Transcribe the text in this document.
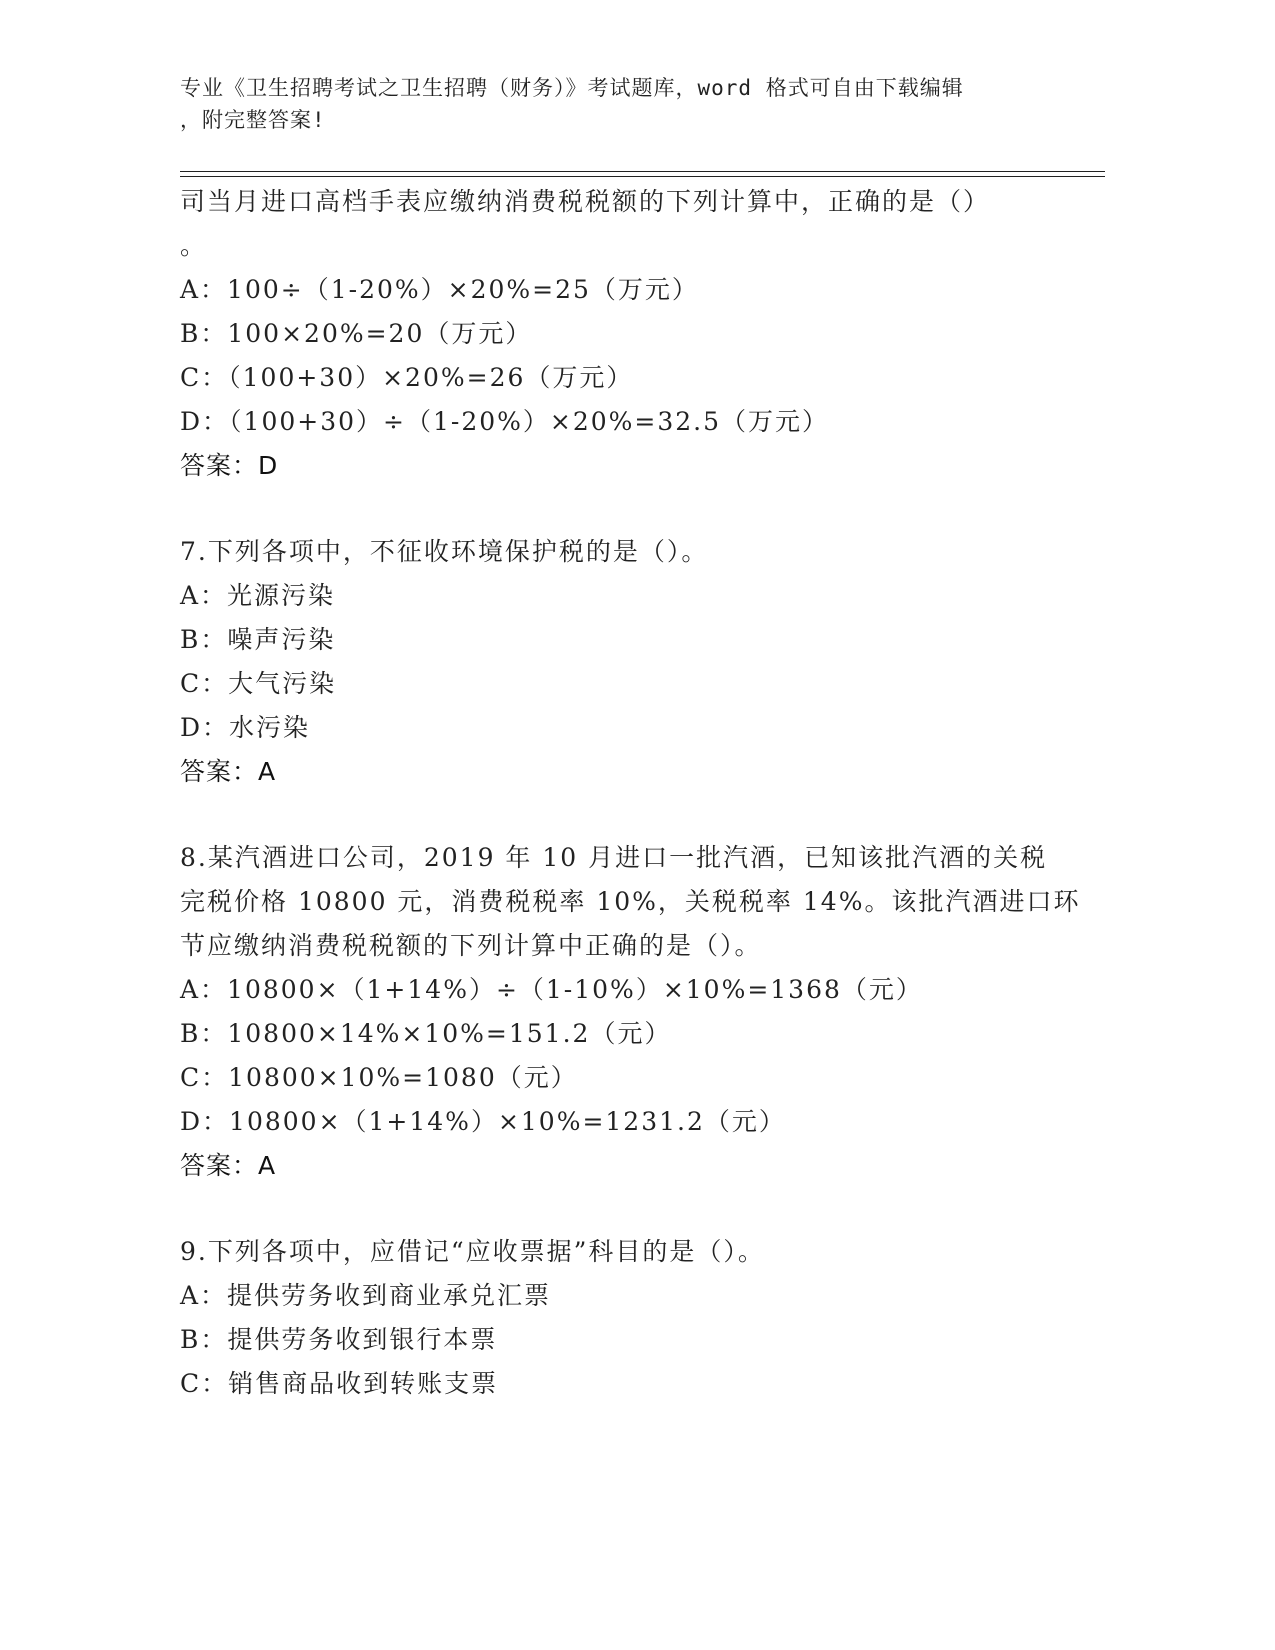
专业《卫生招聘考试之卫生招聘（财务）》考试题库，word 格式可自由下载编辑
，附完整答案!
司当月进口高档手表应缴纳消费税税额的下列计算中，正确的是（）
。
A：100÷（1-20%）×20%=25（万元）
B：100×20%=20（万元）
C：（100+30）×20%=26（万元）
D：（100+30）÷（1-20%）×20%=32.5（万元）
答案：D
7.下列各项中，不征收环境保护税的是（）。
A：光源污染
B：噪声污染
C：大气污染
D：水污染
答案：A
8.某汽酒进口公司，2019 年 10 月进口一批汽酒，已知该批汽酒的关税
完税价格 10800 元，消费税税率 10%，关税税率 14%。该批汽酒进口环
节应缴纳消费税税额的下列计算中正确的是（）。
A：10800×（1+14%）÷（1-10%）×10%=1368（元）
B：10800×14%×10%=151.2（元）
C：10800×10%=1080（元）
D：10800×（1+14%）×10%=1231.2（元）
答案：A
9.下列各项中，应借记“应收票据”科目的是（）。
A：提供劳务收到商业承兑汇票
B：提供劳务收到银行本票
C：销售商品收到转账支票
